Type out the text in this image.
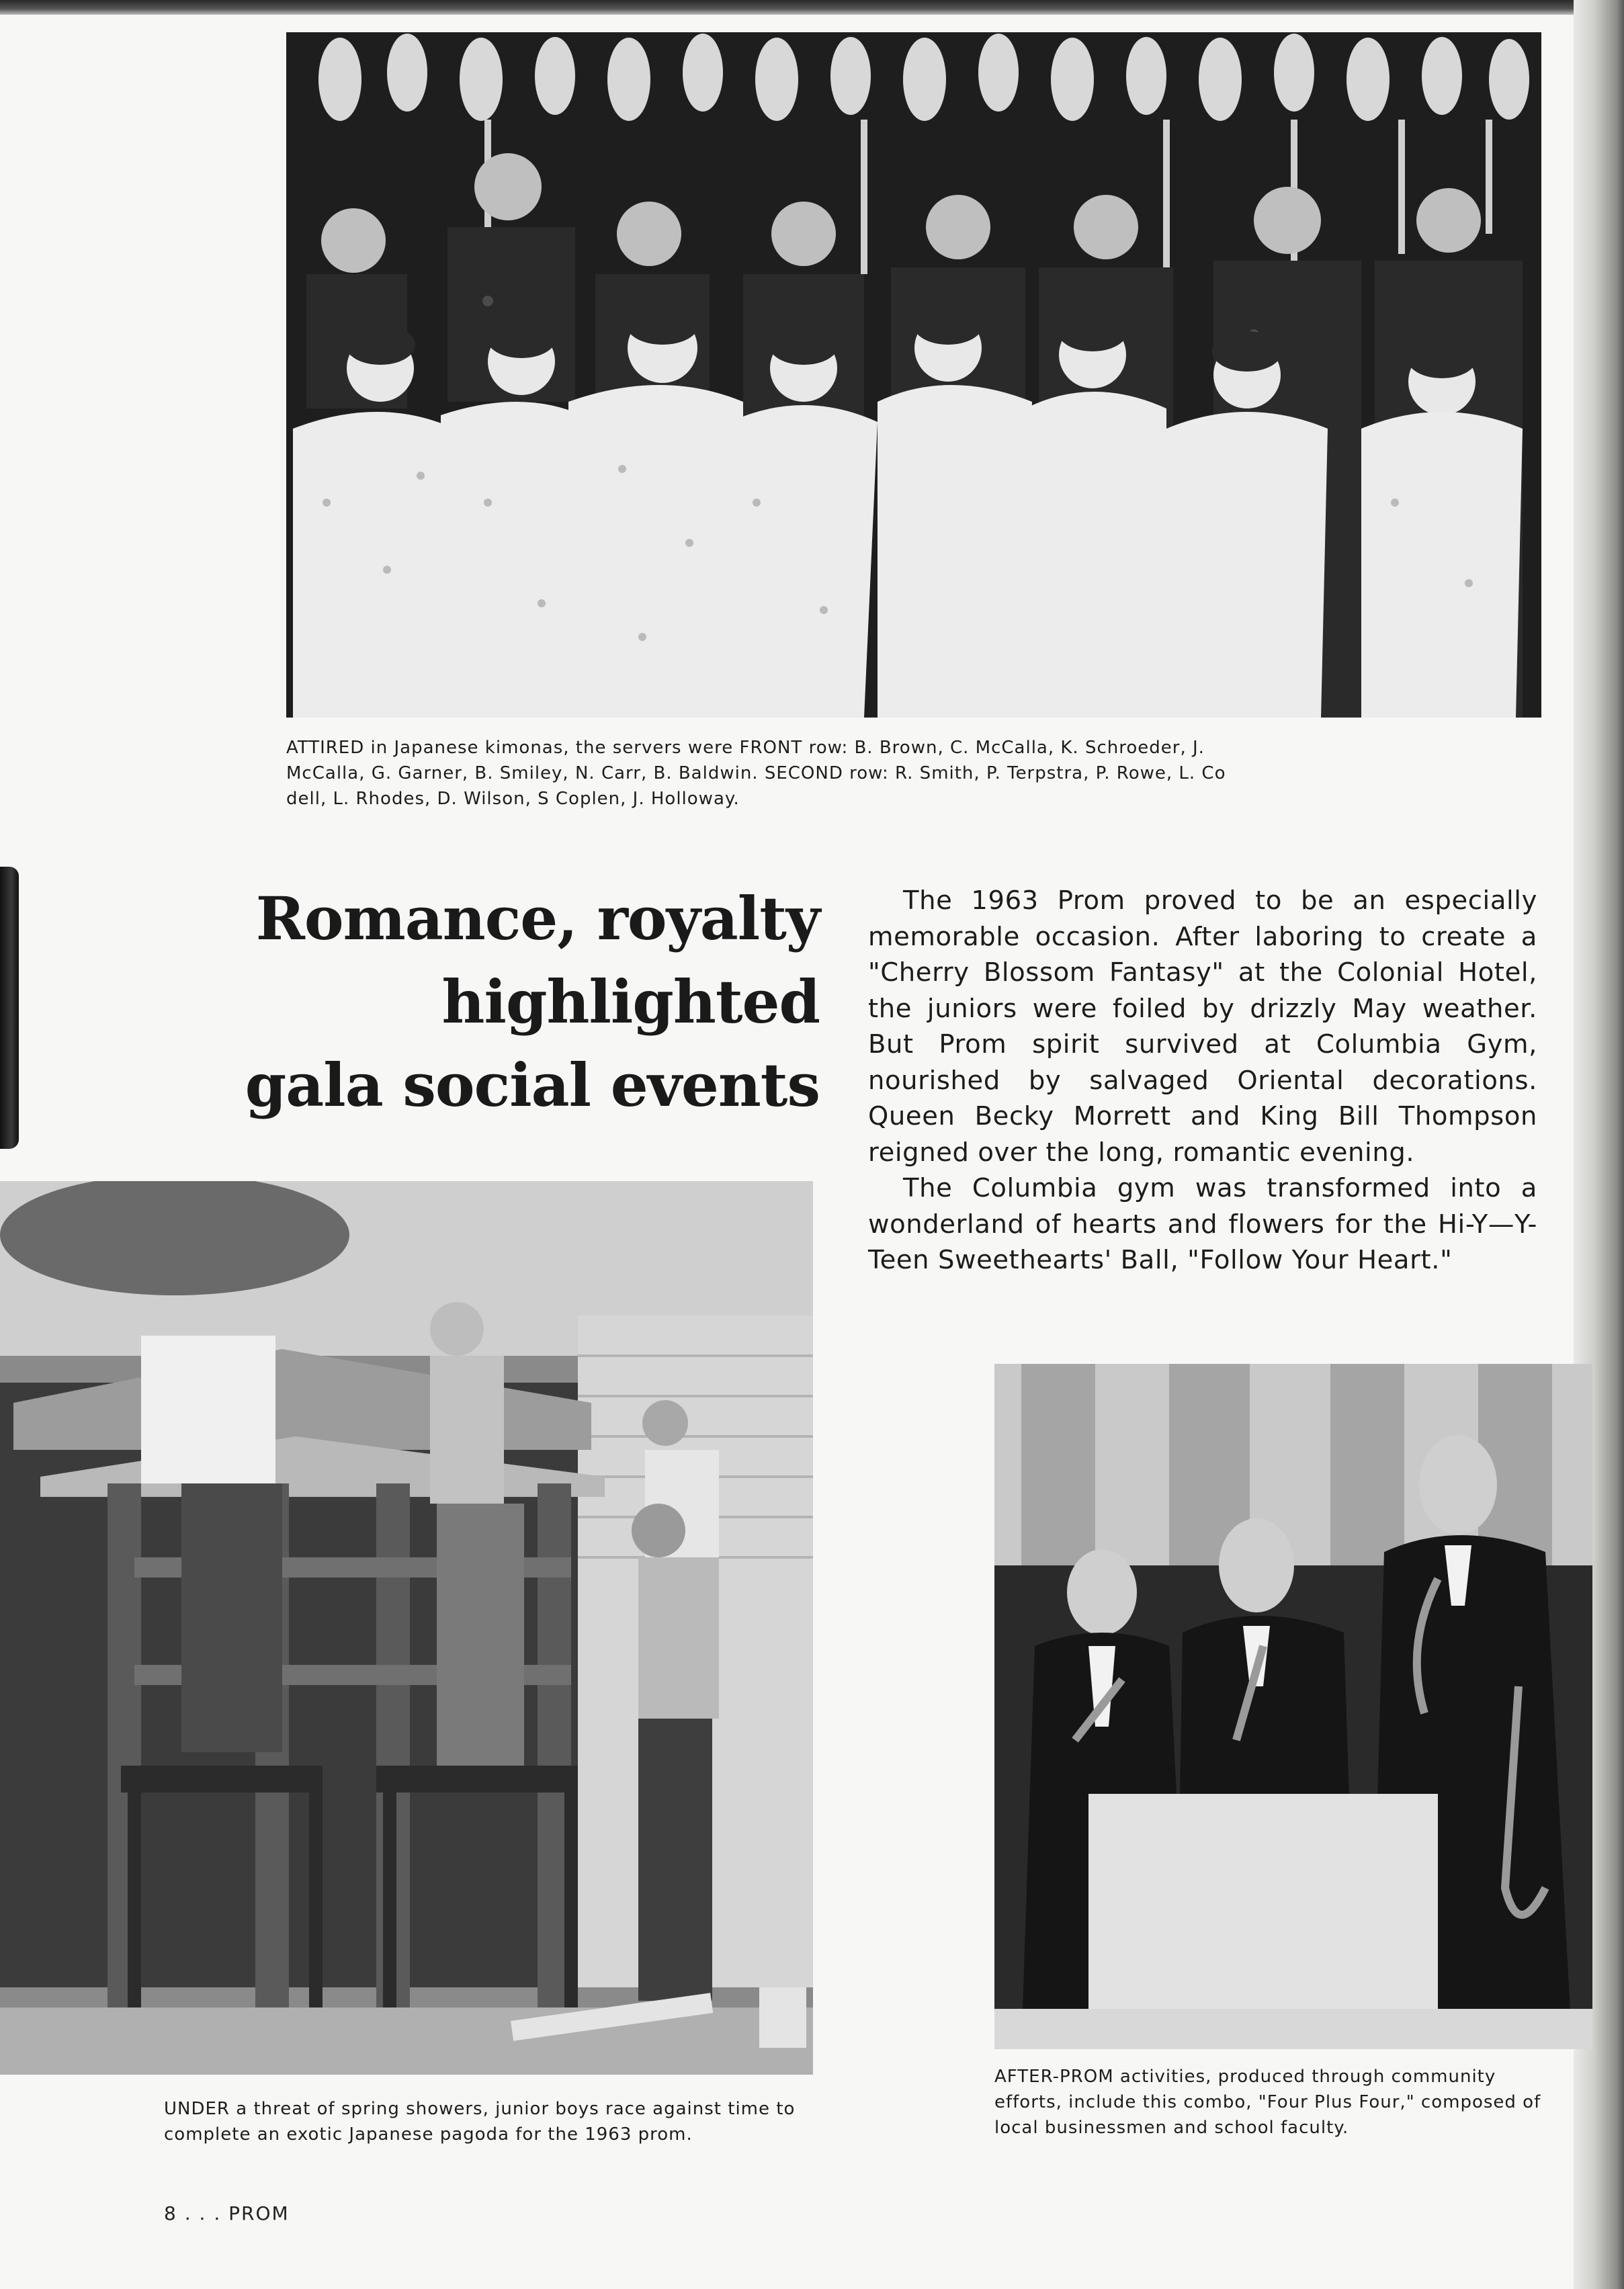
ATTIRED in Japanese kimonas, the servers were FRONT row: B. Brown, C. McCalla, K. Schroeder, J. McCalla, G. Garner, B. Smiley, N. Carr, B. Baldwin. SECOND row: R. Smith, P. Terpstra, P. Rowe, L. Co dell, L. Rhodes, D. Wilson, S Coplen, J. Holloway.
Romance, royalty highlighted
gala social events

The 1963 Prom proved to be an especially memorable occasion. After laboring to create a "Cherry Blossom Fantasy" at the Colonial Hotel, the juniors were foiled by drizzly May weather. But Prom spirit survived at Columbia Gym, nourished by salvaged Oriental decorations. Queen Becky Morrett and King Bill Thompson reigned over the long, romantic evening.

The Columbia gym was transformed into a wonderland of hearts and flowers for the Hi-Y—Y-Teen Sweethearts' Ball, "Follow Your Heart."

UNDER a threat of spring showers, junior boys race against time to complete an exotic Japanese pagoda for the 1963 prom.
AFTER-PROM activities, produced through community efforts, include this combo, "Four Plus Four," composed of local businessmen and school faculty.
8 . . . PROM
